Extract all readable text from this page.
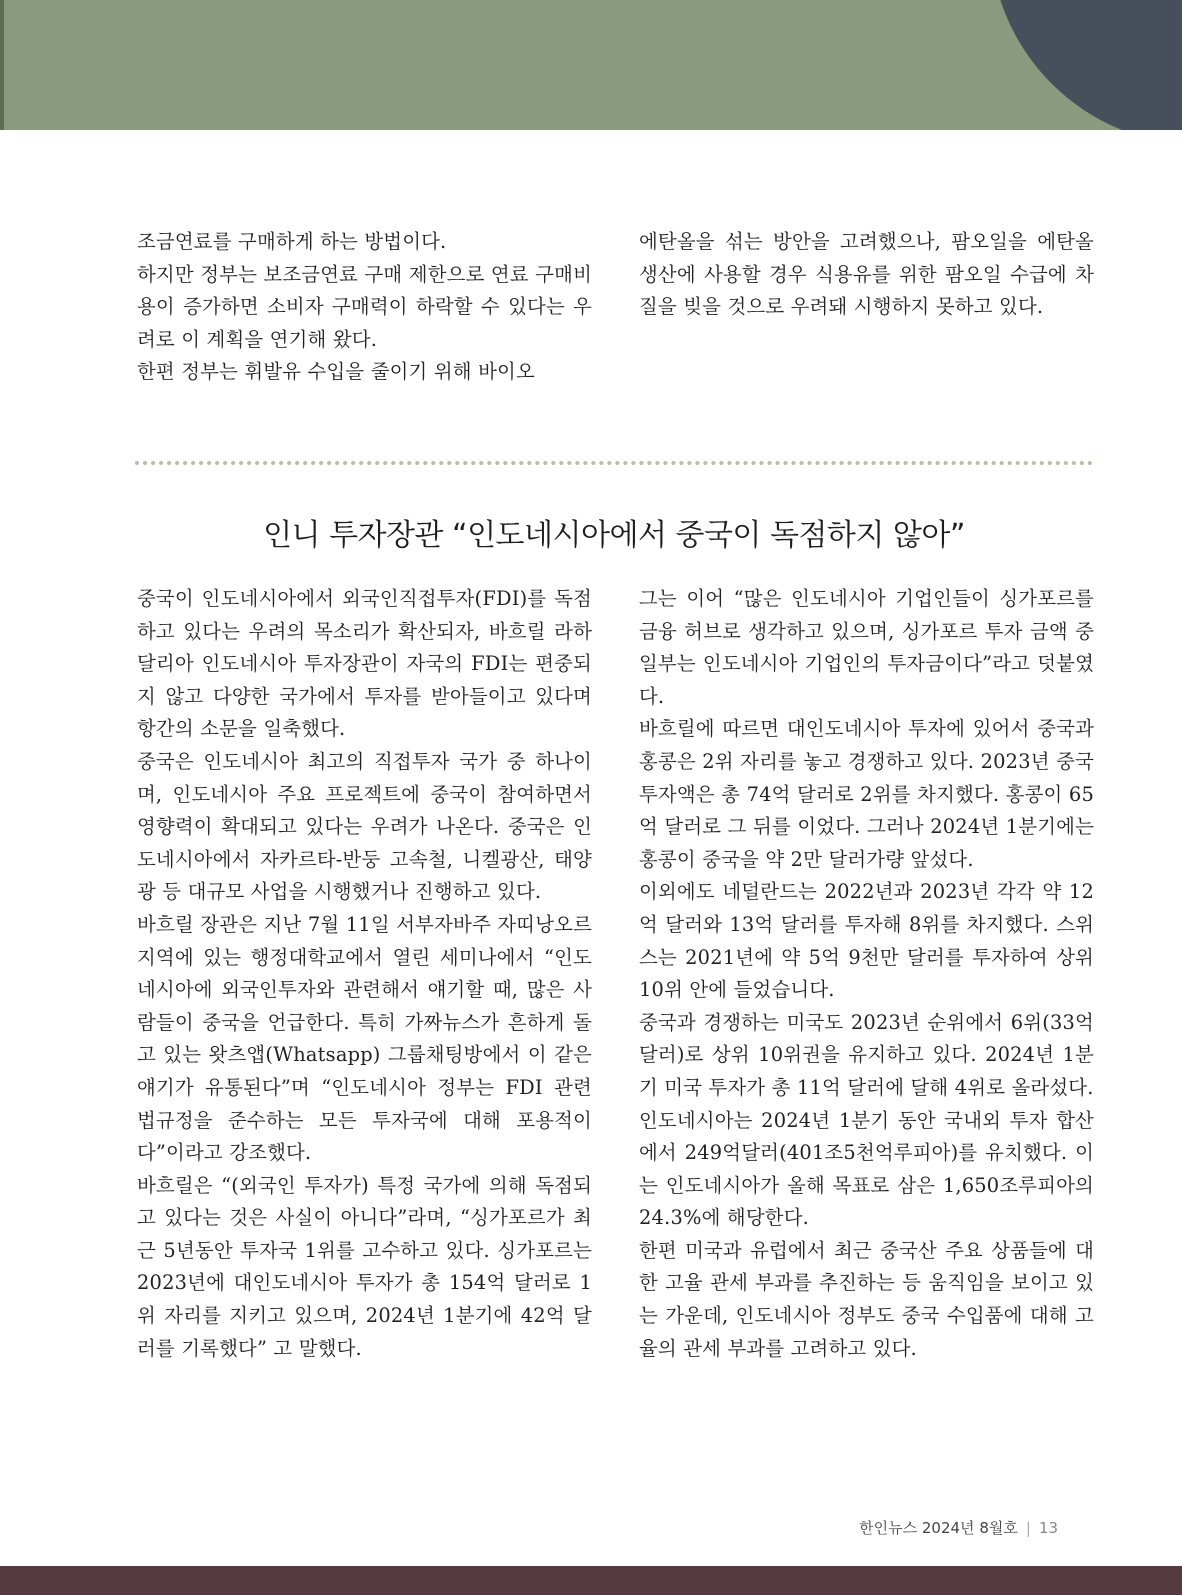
조금연료를 구매하게 하는 방법이다.

하지만 정부는 보조금연료 구매 제한으로 연료 구매비용이 증가하면 소비자 구매력이 하락할 수 있다는 우려로 이 계획을 연기해 왔다.

한편 정부는 휘발유 수입을 줄이기 위해 바이오

에탄올을 섞는 방안을 고려했으나, 팜오일을 에탄올 생산에 사용할 경우 식용유를 위한 팜오일 수급에 차질을 빚을 것으로 우려돼 시행하지 못하고 있다.

인니 투자장관 “인도네시아에서 중국이 독점하지 않아”

중국이 인도네시아에서 외국인직접투자(FDI)를 독점하고 있다는 우려의 목소리가 확산되자, 바흐릴 라하달리아 인도네시아 투자장관이 자국의 FDI는 편중되지 않고 다양한 국가에서 투자를 받아들이고 있다며 항간의 소문을 일축했다.

중국은 인도네시아 최고의 직접투자 국가 중 하나이며, 인도네시아 주요 프로젝트에 중국이 참여하면서 영향력이 확대되고 있다는 우려가 나온다. 중국은 인도네시아에서 자카르타-반둥 고속철, 니켈광산, 태양광 등 대규모 사업을 시행했거나 진행하고 있다.

바흐릴 장관은 지난 7월 11일 서부자바주 자띠낭오르 지역에 있는 행정대학교에서 열린 세미나에서 “인도네시아에 외국인투자와 관련해서 얘기할 때, 많은 사람들이 중국을 언급한다. 특히 가짜뉴스가 흔하게 돌고 있는 왓츠앱(Whatsapp) 그룹채팅방에서 이 같은 얘기가 유통된다”며 “인도네시아 정부는 FDI 관련 법규정을 준수하는 모든 투자국에 대해 포용적이다”이라고 강조했다.

바흐릴은 “(외국인 투자가) 특정 국가에 의해 독점되고 있다는 것은 사실이 아니다”라며, “싱가포르가 최근 5년동안 투자국 1위를 고수하고 있다. 싱가포르는 2023년에 대인도네시아 투자가 총 154억 달러로 1위 자리를 지키고 있으며, 2024년 1분기에 42억 달러를 기록했다” 고 말했다.

그는 이어 “많은 인도네시아 기업인들이 싱가포르를 금융 허브로 생각하고 있으며, 싱가포르 투자 금액 중 일부는 인도네시아 기업인의 투자금이다”라고 덧붙였다.

바흐릴에 따르면 대인도네시아 투자에 있어서 중국과 홍콩은 2위 자리를 놓고 경쟁하고 있다. 2023년 중국 투자액은 총 74억 달러로 2위를 차지했다. 홍콩이 65억 달러로 그 뒤를 이었다. 그러나 2024년 1분기에는 홍콩이 중국을 약 2만 달러가량 앞섰다.

이외에도 네덜란드는 2022년과 2023년 각각 약 12억 달러와 13억 달러를 투자해 8위를 차지했다. 스위스는 2021년에 약 5억 9천만 달러를 투자하여 상위 10위 안에 들었습니다.

중국과 경쟁하는 미국도 2023년 순위에서 6위(33억 달러)로 상위 10위권을 유지하고 있다. 2024년 1분기 미국 투자가 총 11억 달러에 달해 4위로 올라섰다.

인도네시아는 2024년 1분기 동안 국내외 투자 합산에서 249억달러(401조5천억루피아)를 유치했다. 이는 인도네시아가 올해 목표로 삼은 1,650조루피아의 24.3%에 해당한다.

한편 미국과 유럽에서 최근 중국산 주요 상품들에 대한 고율 관세 부과를 추진하는 등 움직임을 보이고 있는 가운데, 인도네시아 정부도 중국 수입품에 대해 고율의 관세 부과를 고려하고 있다.

한인뉴스 2024년 8월호 | 13
